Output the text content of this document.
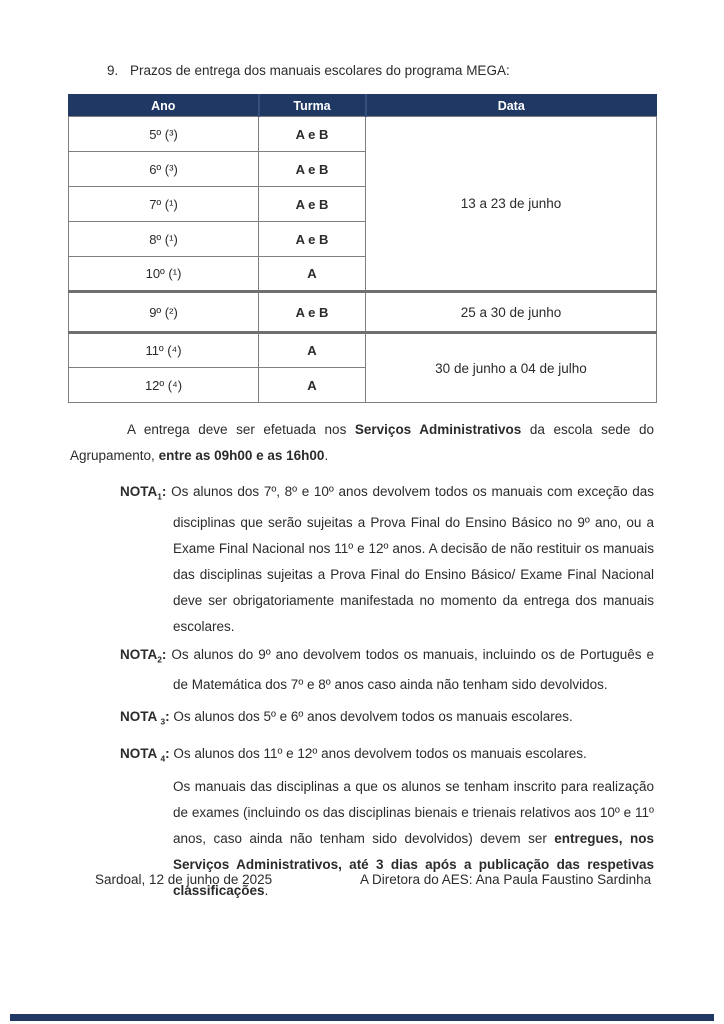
9. Prazos de entrega dos manuais escolares do programa MEGA:
Ano	Turma	Data
5º (³)	A e B	13 a 23 de junho
6º (³)	A e B	
7º (¹)	A e B	
8º (¹)	A e B	
10º (¹)	A	
9º (²)	A e B	25 a 30 de junho
11º (⁴)	A	30 de junho a 04 de julho
12º (⁴)	A	

A entrega deve ser efetuada nos Serviços Administrativos da escola sede do Agrupamento, entre as 09h00 e as 16h00.

$NOTA_1$: Os alunos dos 7º, 8º e 10º anos devolvem todos os manuais com exceção das disciplinas que serão sujeitas a Prova Final do Ensino Básico no 9º ano, ou a Exame Final Nacional nos 11º e 12º anos. A decisão de não restituir os manuais das disciplinas sujeitas a Prova Final do Ensino Básico/ Exame Final Nacional deve ser obrigatoriamente manifestada no momento da entrega dos manuais escolares.

$NOTA_2$: Os alunos do 9º ano devolvem todos os manuais, incluindo os de Português e de Matemática dos 7º e 8º anos caso ainda não tenham sido devolvidos.

NOTA $_3$: Os alunos dos 5º e 6º anos devolvem todos os manuais escolares.

NOTA $_4$: Os alunos dos 11º e 12º anos devolvem todos os manuais escolares.

Os manuais das disciplinas a que os alunos se tenham inscrito para realização de exames (incluindo os das disciplinas bienais e trienais relativos aos 10º e 11º anos, caso ainda não tenham sido devolvidos) devem ser entregues, nos Serviços Administrativos, até 3 dias após a publicação das respetivas classificações.

Sardoal, 12 de junho de 2025	A Diretora do AES: Ana Paula Faustino Sardinha
